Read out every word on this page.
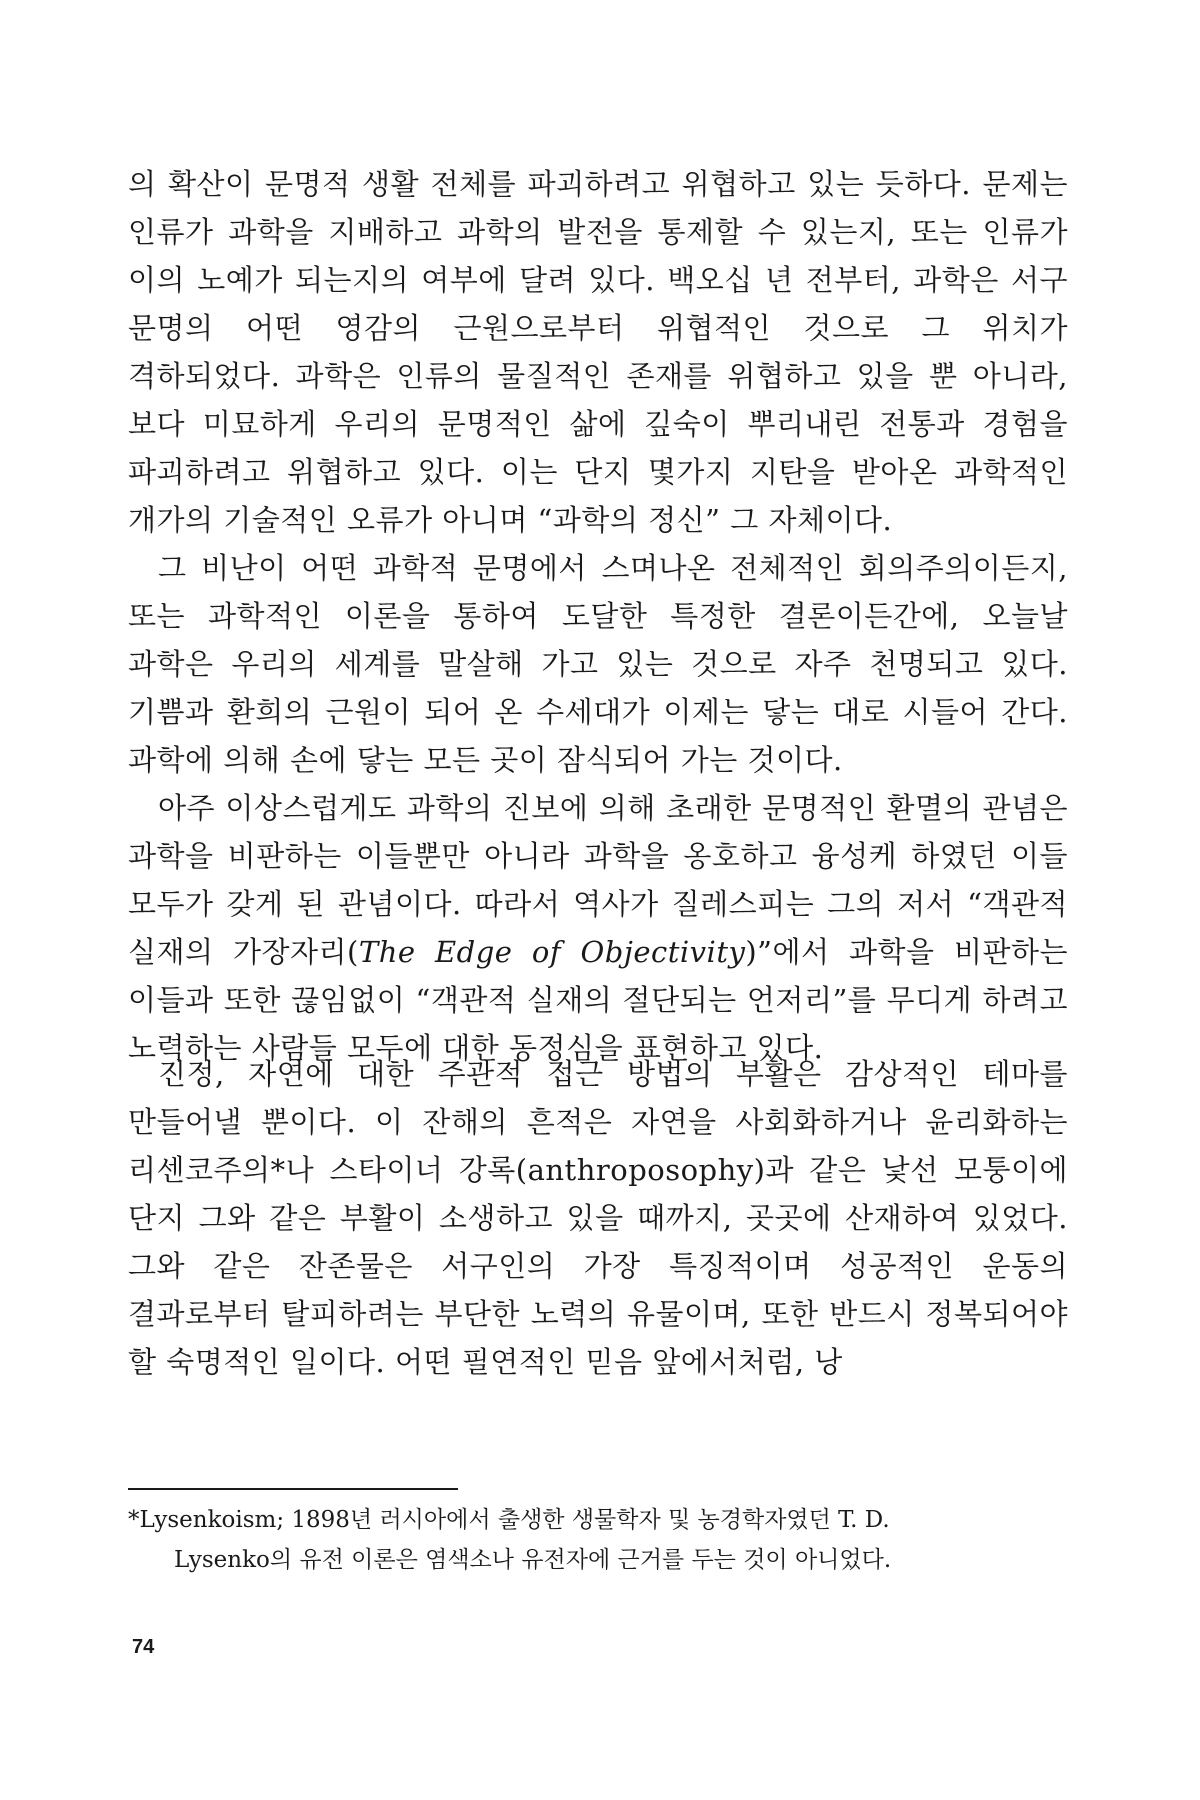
의 확산이 문명적 생활 전체를 파괴하려고 위협하고 있는 듯하다. 문제는 인류가 과학을 지배하고 과학의 발전을 통제할 수 있는지, 또는 인류가 이의 노예가 되는지의 여부에 달려 있다. 백오십 년 전부터, 과학은 서구 문명의 어떤 영감의 근원으로부터 위협적인 것으로 그 위치가 격하되었다. 과학은 인류의 물질적인 존재를 위협하고 있을 뿐 아니라, 보다 미묘하게 우리의 문명적인 삶에 깊숙이 뿌리내린 전통과 경험을 파괴하려고 위협하고 있다. 이는 단지 몇가지 지탄을 받아온 과학적인 개가의 기술적인 오류가 아니며 “과학의 정신” 그 자체이다.

그 비난이 어떤 과학적 문명에서 스며나온 전체적인 회의주의이든지, 또는 과학적인 이론을 통하여 도달한 특정한 결론이든간에, 오늘날 과학은 우리의 세계를 말살해 가고 있는 것으로 자주 천명되고 있다. 기쁨과 환희의 근원이 되어 온 수세대가 이제는 닿는 대로 시들어 간다. 과학에 의해 손에 닿는 모든 곳이 잠식되어 가는 것이다.

아주 이상스럽게도 과학의 진보에 의해 초래한 문명적인 환멸의 관념은 과학을 비판하는 이들뿐만 아니라 과학을 옹호하고 융성케 하였던 이들 모두가 갖게 된 관념이다. 따라서 역사가 질레스피는 그의 저서 “객관적 실재의 가장자리(The Edge of Objectivity)”에서 과학을 비판하는 이들과 또한 끊임없이 “객관적 실재의 절단되는 언저리”를 무디게 하려고 노력하는 사람들 모두에 대한 동정심을 표현하고 있다.

진정, 자연에 대한 주관적 접근 방법의 부활은 감상적인 테마를 만들어낼 뿐이다. 이 잔해의 흔적은 자연을 사회화하거나 윤리화하는 리센코주의*나 스타이너 강록(anthroposophy)과 같은 낯선 모퉁이에 단지 그와 같은 부활이 소생하고 있을 때까지, 곳곳에 산재하여 있었다. 그와 같은 잔존물은 서구인의 가장 특징적이며 성공적인 운동의 결과로부터 탈피하려는 부단한 노력의 유물이며, 또한 반드시 정복되어야 할 숙명적인 일이다. 어떤 필연적인 믿음 앞에서처럼, 낭

*Lysenkoism; 1898년 러시아에서 출생한 생물학자 및 농경학자였던 T. D.

Lysenko의 유전 이론은 염색소나 유전자에 근거를 두는 것이 아니었다.

74
